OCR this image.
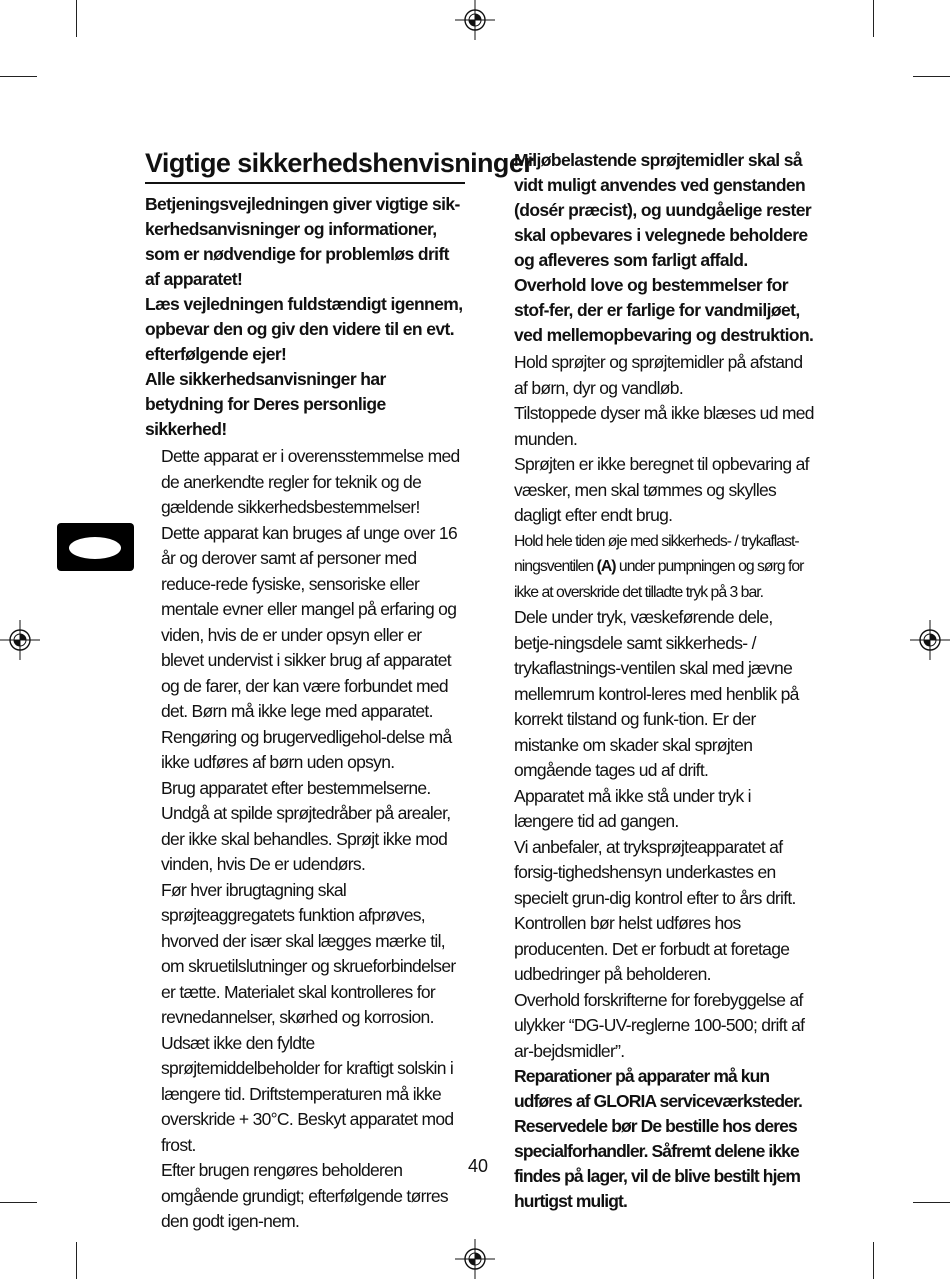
Vigtige sikkerhedshenvisninger

Betjeningsvejledningen giver vigtige sik-kerhedsanvisninger og informationer, som er nødvendige for problemløs drift af apparatet!

Læs vejledningen fuldstændigt igennem, opbevar den og giv den videre til en evt. efterfølgende ejer!

Alle sikkerhedsanvisninger har betydning for Deres personlige sikkerhed!

Dette apparat er i overensstemmelse med de anerkendte regler for teknik og de gældende sikkerhedsbestemmelser!

Dette apparat kan bruges af unge over 16 år og derover samt af personer med reduce-rede fysiske, sensoriske eller mentale evner eller mangel på erfaring og viden, hvis de er under opsyn eller er blevet undervist i sikker brug af apparatet og de farer, der kan være forbundet med det. Børn må ikke lege med apparatet. Rengøring og brugervedligehol-delse må ikke udføres af børn uden opsyn.

Brug apparatet efter bestemmelserne. Undgå at spilde sprøjtedråber på arealer, der ikke skal behandles. Sprøjt ikke mod vinden, hvis De er udendørs.

Før hver ibrugtagning skal sprøjteaggregatets funktion afprøves, hvorved der især skal lægges mærke til, om skruetilslutninger og skrueforbindelser er tætte. Materialet skal kontrolleres for revnedannelser, skørhed og korrosion.

Udsæt ikke den fyldte sprøjtemiddelbeholder for kraftigt solskin i længere tid. Driftstemperaturen må ikke overskride + 30°C. Beskyt apparatet mod frost.

Efter brugen rengøres beholderen omgående grundigt; efterfølgende tørres den godt igen-nem.

Miljøbelastende sprøjtemidler skal så vidt muligt anvendes ved genstanden (dosér præcist), og uundgåelige rester skal opbevares i velegnede beholdere og afleveres som farligt affald.

Overhold love og bestemmelser for stof-fer, der er farlige for vandmiljøet, ved mellemopbevaring og destruktion.

Hold sprøjter og sprøjtemidler på afstand af børn, dyr og vandløb.

Tilstoppede dyser må ikke blæses ud med munden.

Sprøjten er ikke beregnet til opbevaring af væsker, men skal tømmes og skylles dagligt efter endt brug.

Hold hele tiden øje med sikkerheds- / trykaflast-ningsventilen (A) under pumpningen og sørg for ikke at overskride det tilladte tryk på 3 bar.

Dele under tryk, væskeførende dele, betje-ningsdele samt sikkerheds- / trykaflastnings-ventilen skal med jævne mellemrum kontrol-leres med henblik på korrekt tilstand og funk-tion. Er der mistanke om skader skal sprøjten omgående tages ud af drift.

Apparatet må ikke stå under tryk i længere tid ad gangen.

Vi anbefaler, at tryksprøjteapparatet af forsig-tighedshensyn underkastes en specielt grun-dig kontrol efter to års drift. Kontrollen bør helst udføres hos producenten. Det er forbudt at foretage udbedringer på beholderen.

Overhold forskrifterne for forebyggelse af ulykker “DG-UV-reglerne 100-500; drift af ar-bejdsmidler”.

Reparationer på apparater må kun udføres af GLORIA serviceværksteder. Reservedele bør De bestille hos deres specialforhandler. Såfremt delene ikke findes på lager, vil de blive bestilt hjem hurtigst muligt.

40
